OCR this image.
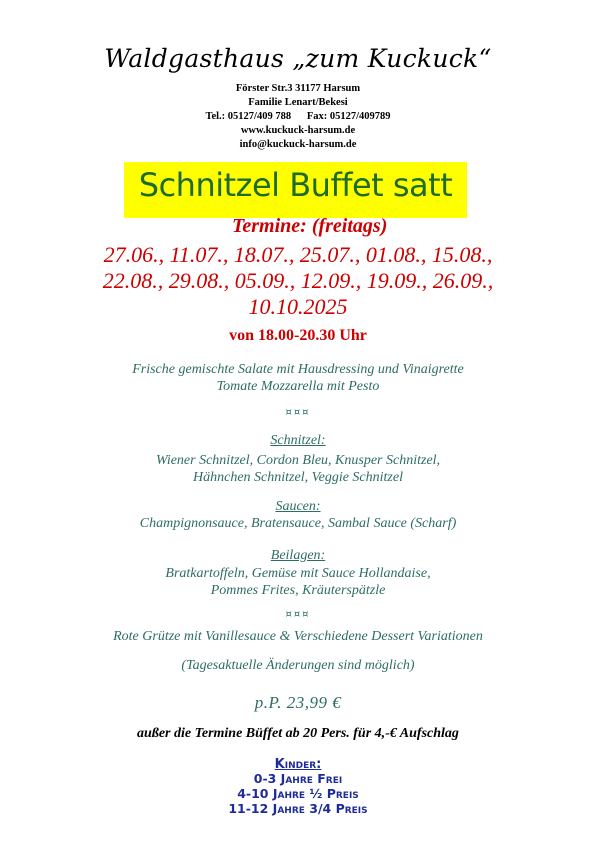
Waldgasthaus „zum Kuckuck“
Förster Str.3 31177 Harsum
Familie Lenart/Bekesi
Tel.: 05127/409 788      Fax: 05127/409789
www.kuckuck-harsum.de
info@kuckuck-harsum.de
Schnitzel Buffet satt
Termine: (freitags)
27.06., 11.07., 18.07., 25.07., 01.08., 15.08.,
22.08., 29.08., 05.09., 12.09., 19.09., 26.09.,
10.10.2025
von 18.00-20.30 Uhr
Frische gemischte Salate mit Hausdressing und Vinaigrette
Tomate Mozzarella mit Pesto
¤¤¤
Schnitzel:
Wiener Schnitzel, Cordon Bleu, Knusper Schnitzel,
Hähnchen Schnitzel, Veggie Schnitzel
Saucen:
Champignonsauce, Bratensauce, Sambal Sauce (Scharf)
Beilagen:
Bratkartoffeln, Gemüse mit Sauce Hollandaise,
Pommes Frites, Kräuterspätzle
¤¤¤
Rote Grütze mit Vanillesauce & Verschiedene Dessert Variationen
(Tagesaktuelle Änderungen sind möglich)
p.P. 23,99 €
außer die Termine Büffet ab 20 Pers. für 4,-€ Aufschlag
Kinder:
0-3 Jahre Frei
4-10 Jahre ½ Preis
11-12 Jahre 3/4 Preis
